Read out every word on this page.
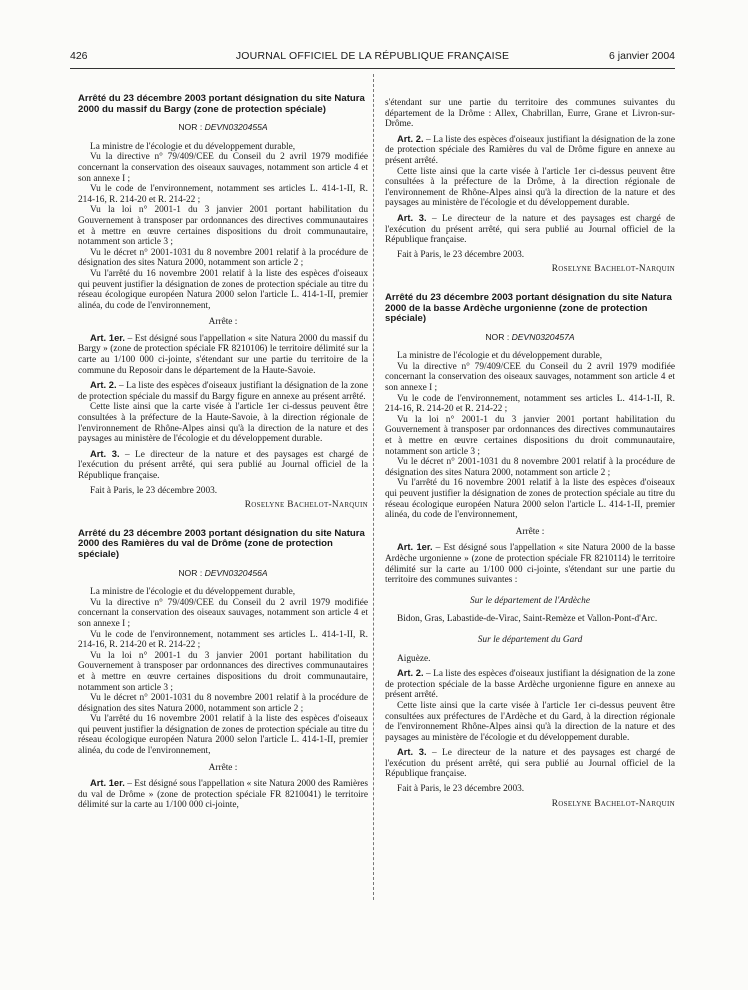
426	JOURNAL OFFICIEL DE LA RÉPUBLIQUE FRANÇAISE	6 janvier 2004

Arrêté du 23 décembre 2003 portant désignation du site Natura 2000 du massif du Bargy (zone de protection spéciale)

NOR : DEVN0320455A

La ministre de l'écologie et du développement durable,

Vu la directive n° 79/409/CEE du Conseil du 2 avril 1979 modifiée concernant la conservation des oiseaux sauvages, notamment son article 4 et son annexe I ;

Vu le code de l'environnement, notamment ses articles L. 414-1-II, R. 214-16, R. 214-20 et R. 214-22 ;

Vu la loi n° 2001-1 du 3 janvier 2001 portant habilitation du Gouvernement à transposer par ordonnances des directives communautaires et à mettre en œuvre certaines dispositions du droit communautaire, notamment son article 3 ;

Vu le décret n° 2001-1031 du 8 novembre 2001 relatif à la procédure de désignation des sites Natura 2000, notamment son article 2 ;

Vu l'arrêté du 16 novembre 2001 relatif à la liste des espèces d'oiseaux qui peuvent justifier la désignation de zones de protection spéciale au titre du réseau écologique européen Natura 2000 selon l'article L. 414-1-II, premier alinéa, du code de l'environnement,

Arrête :

Art. 1er. – Est désigné sous l'appellation « site Natura 2000 du massif du Bargy » (zone de protection spéciale FR 8210106) le territoire délimité sur la carte au 1/100 000 ci-jointe, s'étendant sur une partie du territoire de la commune du Reposoir dans le département de la Haute-Savoie.

Art. 2. – La liste des espèces d'oiseaux justifiant la désignation de la zone de protection spéciale du massif du Bargy figure en annexe au présent arrêté.

Cette liste ainsi que la carte visée à l'article 1er ci-dessus peuvent être consultées à la préfecture de la Haute-Savoie, à la direction régionale de l'environnement de Rhône-Alpes ainsi qu'à la direction de la nature et des paysages au ministère de l'écologie et du développement durable.

Art. 3. – Le directeur de la nature et des paysages est chargé de l'exécution du présent arrêté, qui sera publié au Journal officiel de la République française.

Fait à Paris, le 23 décembre 2003.

Roselyne Bachelot-Narquin

Arrêté du 23 décembre 2003 portant désignation du site Natura 2000 des Ramières du val de Drôme (zone de protection spéciale)

NOR : DEVN0320456A

La ministre de l'écologie et du développement durable,

Vu la directive n° 79/409/CEE du Conseil du 2 avril 1979 modifiée concernant la conservation des oiseaux sauvages, notamment son article 4 et son annexe I ;

Vu le code de l'environnement, notamment ses articles L. 414-1-II, R. 214-16, R. 214-20 et R. 214-22 ;

Vu la loi n° 2001-1 du 3 janvier 2001 portant habilitation du Gouvernement à transposer par ordonnances des directives communautaires et à mettre en œuvre certaines dispositions du droit communautaire, notamment son article 3 ;

Vu le décret n° 2001-1031 du 8 novembre 2001 relatif à la procédure de désignation des sites Natura 2000, notamment son article 2 ;

Vu l'arrêté du 16 novembre 2001 relatif à la liste des espèces d'oiseaux qui peuvent justifier la désignation de zones de protection spéciale au titre du réseau écologique européen Natura 2000 selon l'article L. 414-1-II, premier alinéa, du code de l'environnement,

Arrête :

Art. 1er. – Est désigné sous l'appellation « site Natura 2000 des Ramières du val de Drôme » (zone de protection spéciale FR 8210041) le territoire délimité sur la carte au 1/100 000 ci-jointe,

s'étendant sur une partie du territoire des communes suivantes du département de la Drôme : Allex, Chabrillan, Eurre, Grane et Livron-sur-Drôme.

Art. 2. – La liste des espèces d'oiseaux justifiant la désignation de la zone de protection spéciale des Ramières du val de Drôme figure en annexe au présent arrêté.

Cette liste ainsi que la carte visée à l'article 1er ci-dessus peuvent être consultées à la préfecture de la Drôme, à la direction régionale de l'environnement de Rhône-Alpes ainsi qu'à la direction de la nature et des paysages au ministère de l'écologie et du développement durable.

Art. 3. – Le directeur de la nature et des paysages est chargé de l'exécution du présent arrêté, qui sera publié au Journal officiel de la République française.

Fait à Paris, le 23 décembre 2003.

Roselyne Bachelot-Narquin

Arrêté du 23 décembre 2003 portant désignation du site Natura 2000 de la basse Ardèche urgonienne (zone de protection spéciale)

NOR : DEVN0320457A

La ministre de l'écologie et du développement durable,

Vu la directive n° 79/409/CEE du Conseil du 2 avril 1979 modifiée concernant la conservation des oiseaux sauvages, notamment son article 4 et son annexe I ;

Vu le code de l'environnement, notamment ses articles L. 414-1-II, R. 214-16, R. 214-20 et R. 214-22 ;

Vu la loi n° 2001-1 du 3 janvier 2001 portant habilitation du Gouvernement à transposer par ordonnances des directives communautaires et à mettre en œuvre certaines dispositions du droit communautaire, notamment son article 3 ;

Vu le décret n° 2001-1031 du 8 novembre 2001 relatif à la procédure de désignation des sites Natura 2000, notamment son article 2 ;

Vu l'arrêté du 16 novembre 2001 relatif à la liste des espèces d'oiseaux qui peuvent justifier la désignation de zones de protection spéciale au titre du réseau écologique européen Natura 2000 selon l'article L. 414-1-II, premier alinéa, du code de l'environnement,

Arrête :

Art. 1er. – Est désigné sous l'appellation « site Natura 2000 de la basse Ardèche urgonienne » (zone de protection spéciale FR 8210114) le territoire délimité sur la carte au 1/100 000 ci-jointe, s'étendant sur une partie du territoire des communes suivantes :

Sur le département de l'Ardèche

Bidon, Gras, Labastide-de-Virac, Saint-Remèze et Vallon-Pont-d'Arc.

Sur le département du Gard

Aiguèze.

Art. 2. – La liste des espèces d'oiseaux justifiant la désignation de la zone de protection spéciale de la basse Ardèche urgonienne figure en annexe au présent arrêté.

Cette liste ainsi que la carte visée à l'article 1er ci-dessus peuvent être consultées aux préfectures de l'Ardèche et du Gard, à la direction régionale de l'environnement Rhône-Alpes ainsi qu'à la direction de la nature et des paysages au ministère de l'écologie et du développement durable.

Art. 3. – Le directeur de la nature et des paysages est chargé de l'exécution du présent arrêté, qui sera publié au Journal officiel de la République française.

Fait à Paris, le 23 décembre 2003.

Roselyne Bachelot-Narquin
